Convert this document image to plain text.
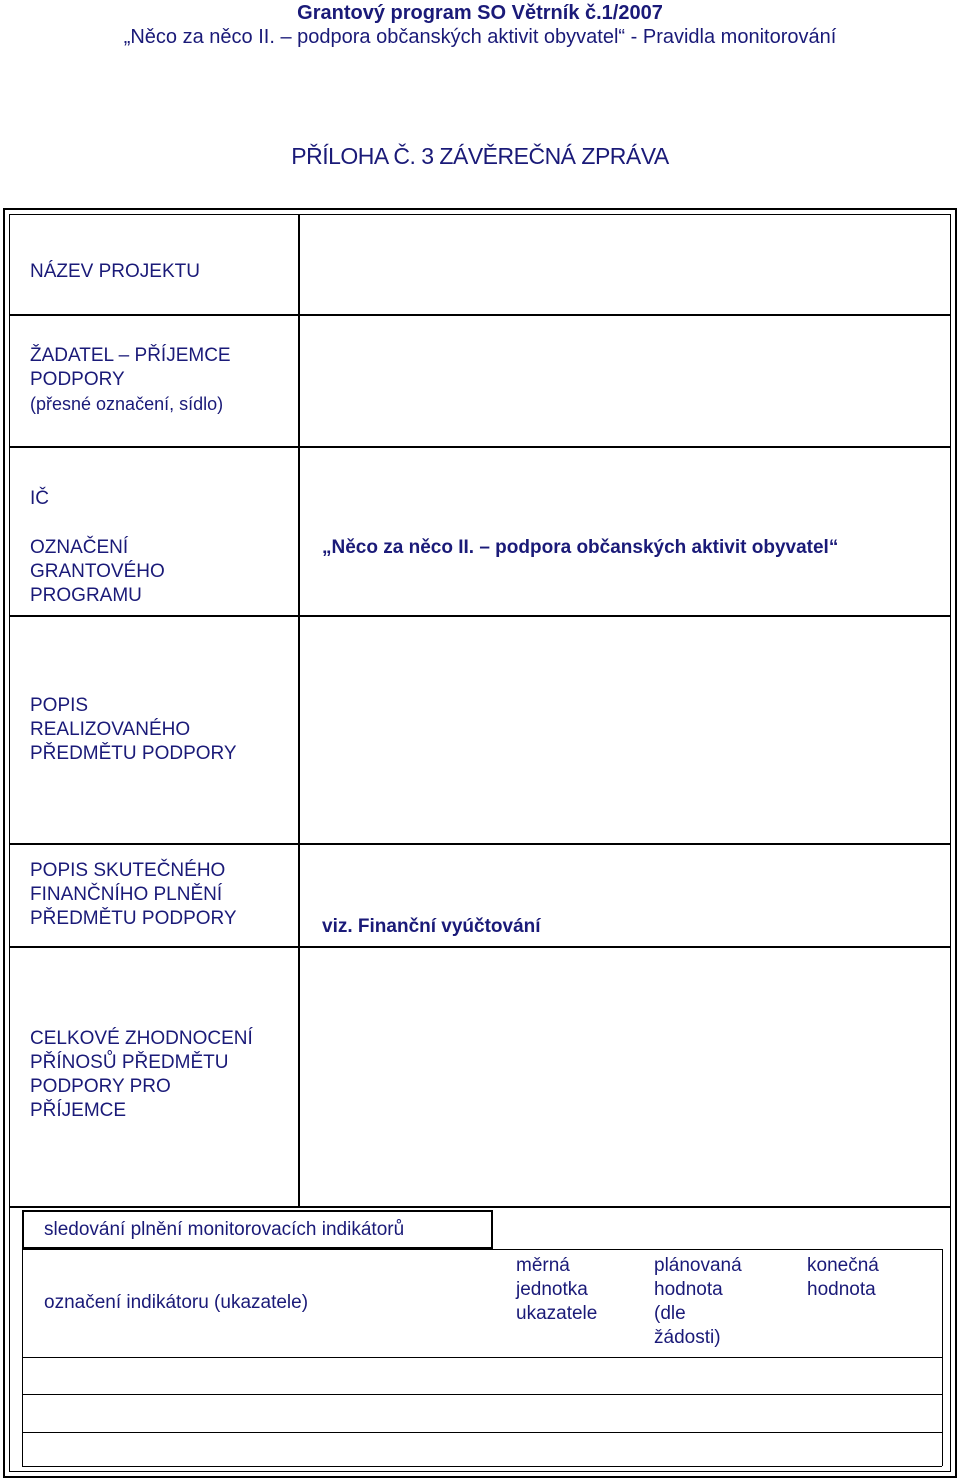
Grantový program SO Větrník č.1/2007
„Něco za něco II. – podpora občanských aktivit obyvatel“ - Pravidla monitorování
PŘÍLOHA Č. 3 ZÁVĚREČNÁ ZPRÁVA
NÁZEV PROJEKTU
ŽADATEL – PŘÍJEMCE
PODPORY
(přesné označení, sídlo)
IČ
OZNAČENÍ
GRANTOVÉHO
PROGRAMU
„Něco za něco II. – podpora občanských aktivit obyvatel“
POPIS
REALIZOVANÉHO
PŘEDMĚTU PODPORY
POPIS SKUTEČNÉHO
FINANČNÍHO PLNĚNÍ
PŘEDMĚTU PODPORY	viz. Finanční vyúčtování
CELKOVÉ ZHODNOCENÍ
PŘÍNOSŮ PŘEDMĚTU
PODPORY PRO
PŘÍJEMCE
sledování plnění monitorovacích indikátorů
označení indikátoru (ukazatele)
měrná
jednotka
ukazatele
plánovaná
hodnota
(dle
žádosti)
konečná
hodnota
